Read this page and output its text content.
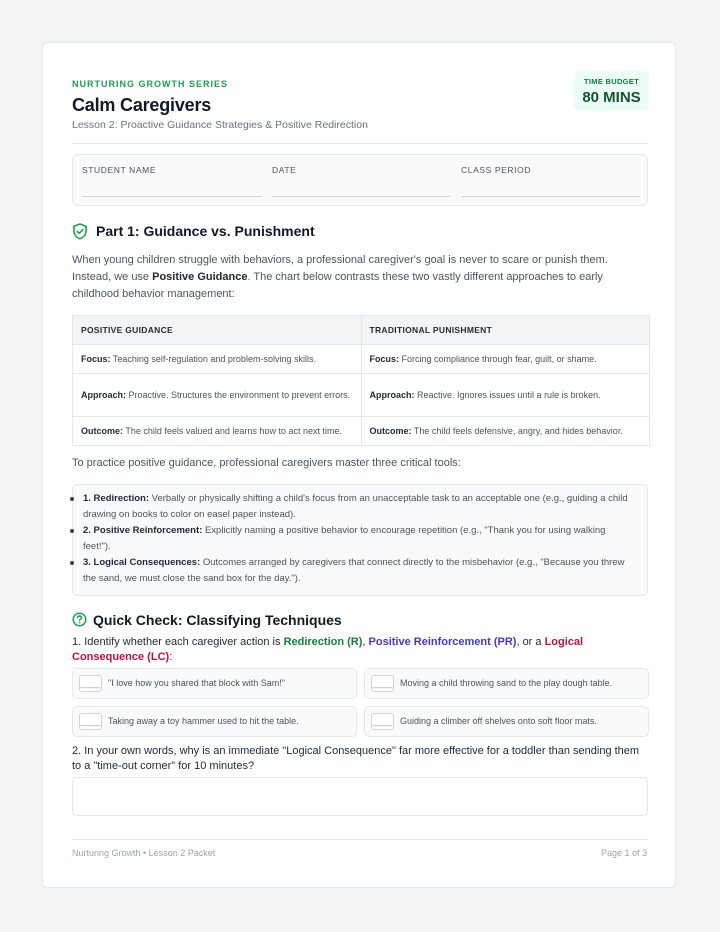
NURTURING GROWTH SERIES
Calm Caregivers
Lesson 2: Proactive Guidance Strategies & Positive Redirection
TIME BUDGET
80 MINS
STUDENT NAME	DATE	CLASS PERIOD
Part 1: Guidance vs. Punishment
When young children struggle with behaviors, a professional caregiver's goal is never to scare or punish them. Instead, we use Positive Guidance. The chart below contrasts these two vastly different approaches to early childhood behavior management:
POSITIVE GUIDANCE	TRADITIONAL PUNISHMENT
Focus: Teaching self-regulation and problem-solving skills.	Focus: Forcing compliance through fear, guilt, or shame.
Approach: Proactive. Structures the environment to prevent errors.	Approach: Reactive. Ignores issues until a rule is broken.
Outcome: The child feels valued and learns how to act next time.	Outcome: The child feels defensive, angry, and hides behavior.
To practice positive guidance, professional caregivers master three critical tools:
1. Redirection: Verbally or physically shifting a child's focus from an unacceptable task to an acceptable one (e.g., guiding a child drawing on books to color on easel paper instead).
2. Positive Reinforcement: Explicitly naming a positive behavior to encourage repetition (e.g., "Thank you for using walking feet!").
3. Logical Consequences: Outcomes arranged by caregivers that connect directly to the misbehavior (e.g., "Because you threw the sand, we must close the sand box for the day.").
Quick Check: Classifying Techniques
1. Identify whether each caregiver action is Redirection (R), Positive Reinforcement (PR), or a Logical Consequence (LC):
____ "I love how you shared that block with Sam!"	____ Moving a child throwing sand to the play dough table.
____ Taking away a toy hammer used to hit the table.	____ Guiding a climber off shelves onto soft floor mats.
2. In your own words, why is an immediate "Logical Consequence" far more effective for a toddler than sending them to a "time-out corner" for 10 minutes?
Nurturing Growth • Lesson 2 Packet	Page 1 of 3
